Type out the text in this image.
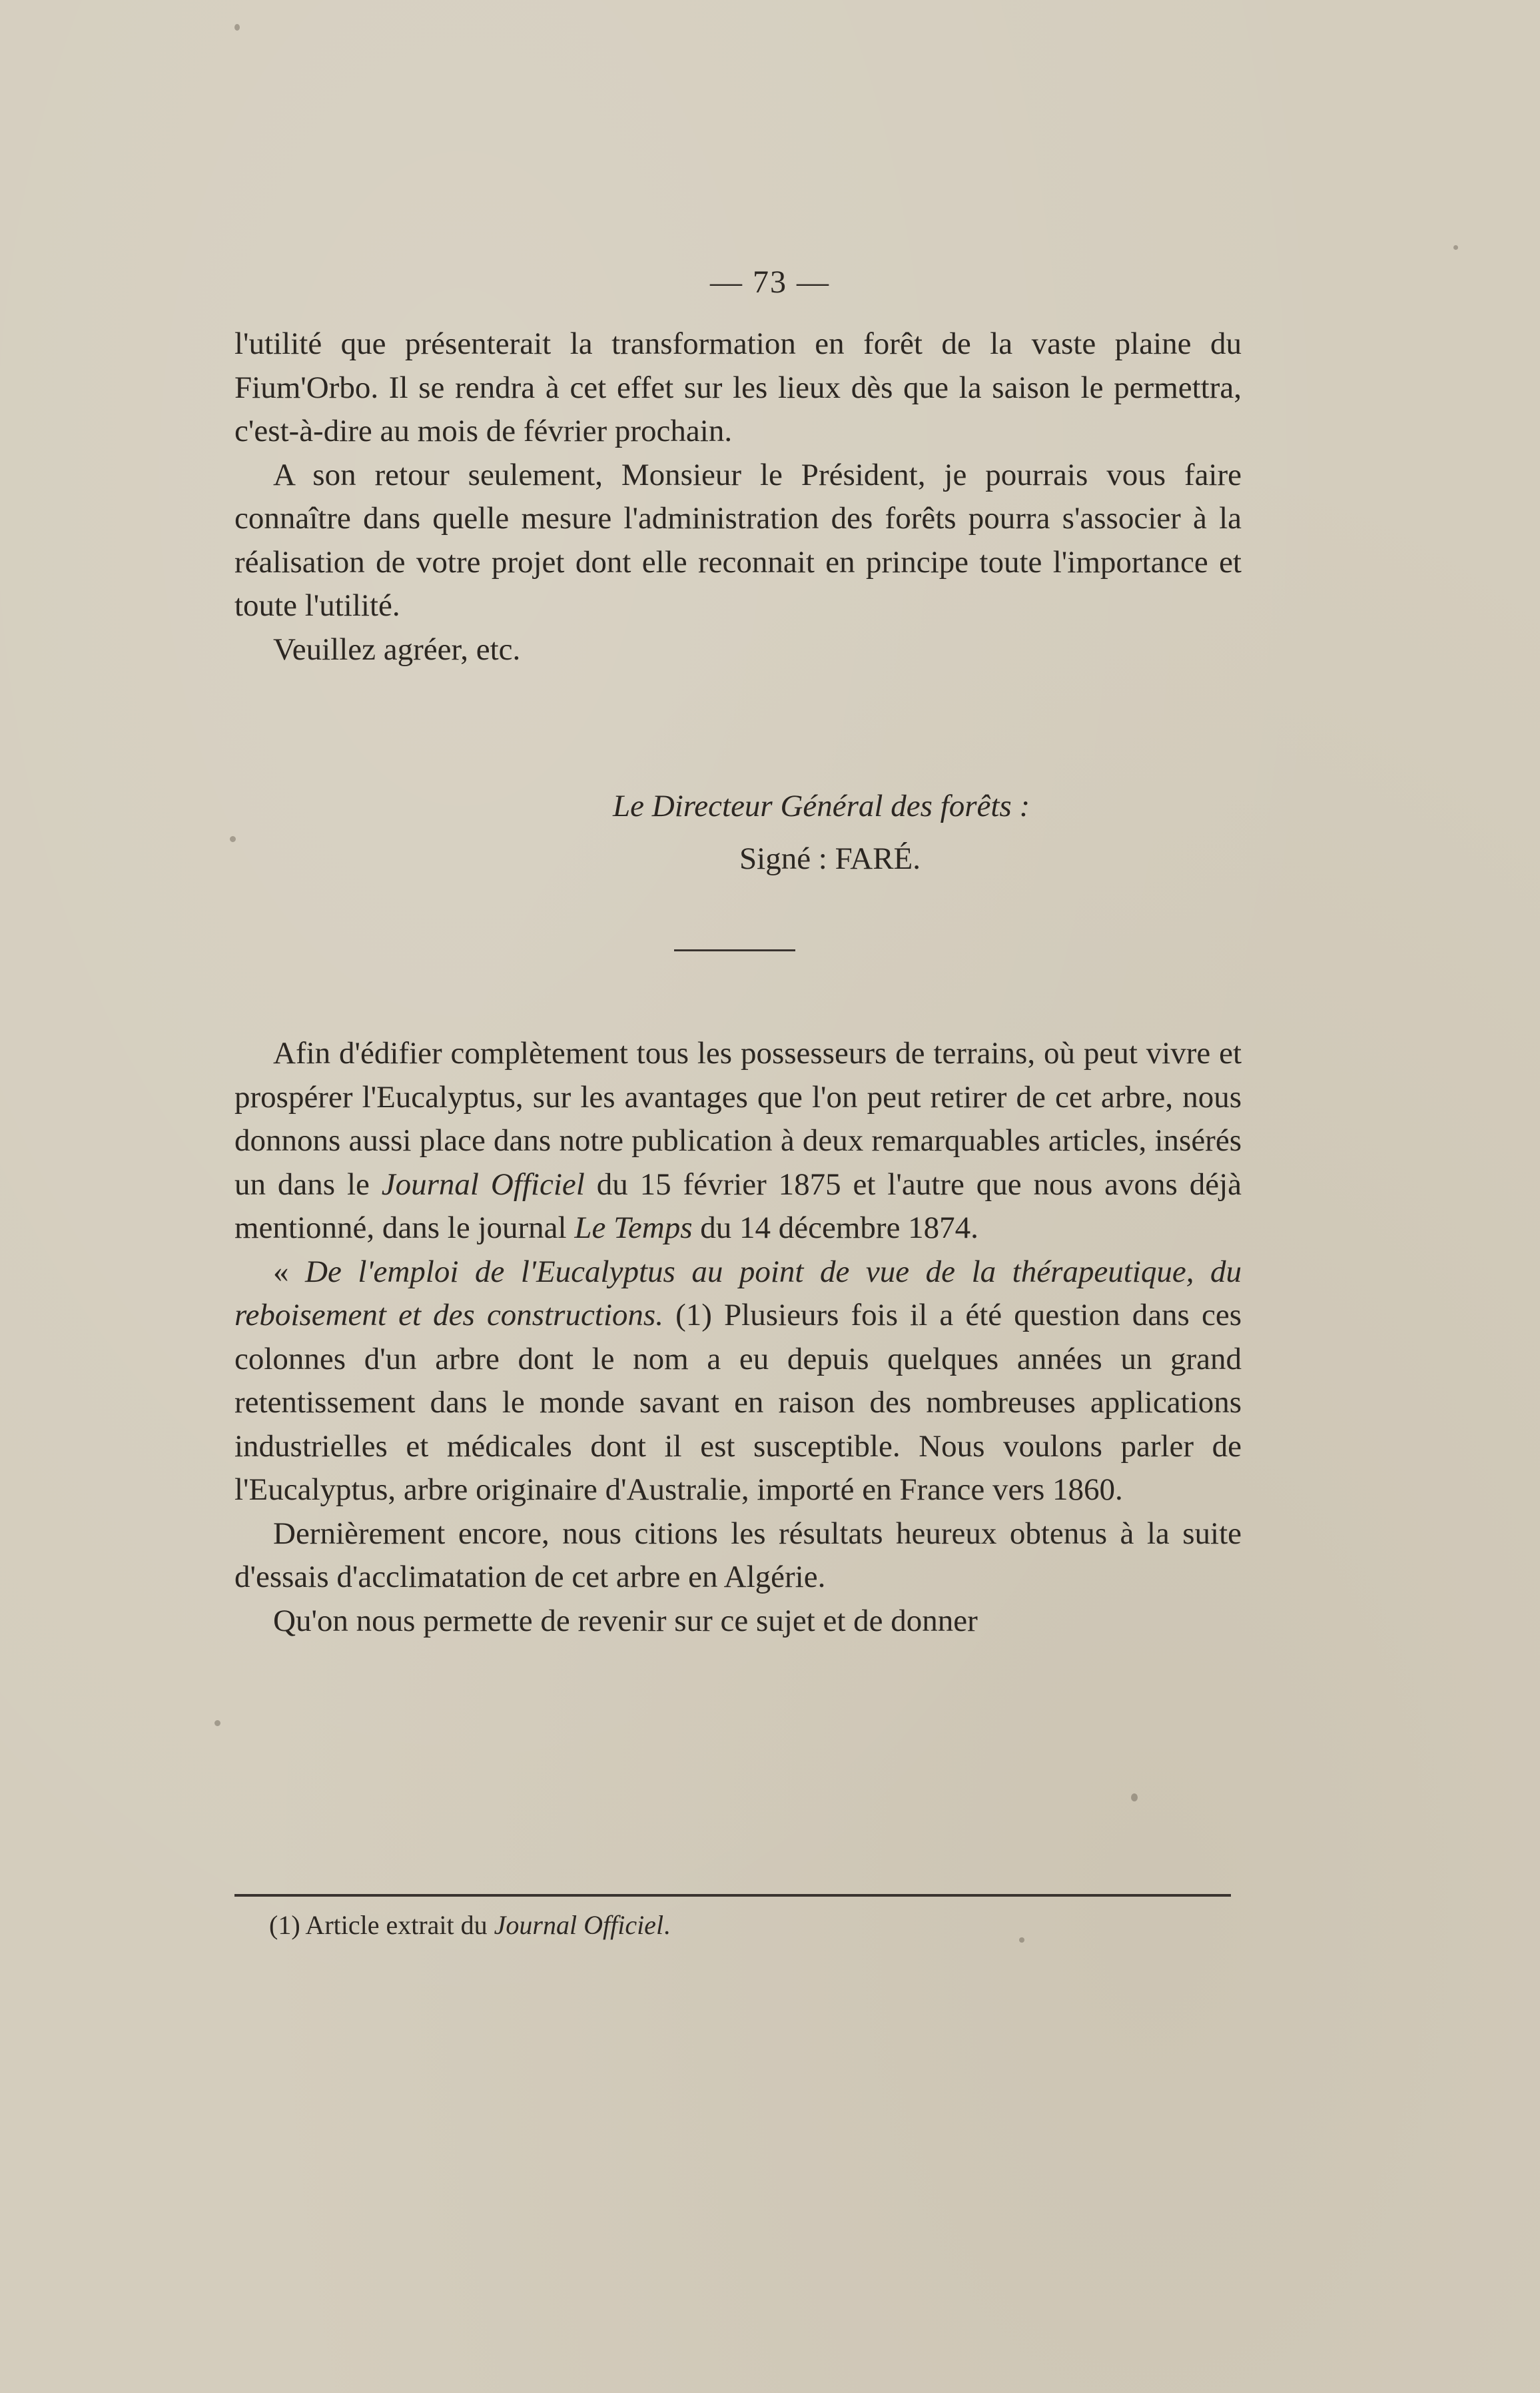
— 73 —

l'utilité que présenterait la transformation en forêt de la vaste plaine du Fium'Orbo. Il se rendra à cet effet sur les lieux dès que la saison le permettra, c'est-à-dire au mois de février prochain.

A son retour seulement, Monsieur le Président, je pourrais vous faire connaître dans quelle mesure l'administration des forêts pourra s'associer à la réalisation de votre projet dont elle reconnait en principe toute l'importance et toute l'utilité.

Veuillez agréer, etc.

Le Directeur Général des forêts :
Signé : FARÉ.

Afin d'édifier complètement tous les possesseurs de terrains, où peut vivre et prospérer l'Eucalyptus, sur les avantages que l'on peut retirer de cet arbre, nous donnons aussi place dans notre publication à deux remarquables articles, insérés un dans le Journal Officiel du 15 février 1875 et l'autre que nous avons déjà mentionné, dans le journal Le Temps du 14 décembre 1874.

« De l'emploi de l'Eucalyptus au point de vue de la thérapeutique, du reboisement et des constructions. (1) Plusieurs fois il a été question dans ces colonnes d'un arbre dont le nom a eu depuis quelques années un grand retentissement dans le monde savant en raison des nombreuses applications industrielles et médicales dont il est susceptible. Nous voulons parler de l'Eucalyptus, arbre originaire d'Australie, importé en France vers 1860.

Dernièrement encore, nous citions les résultats heureux obtenus à la suite d'essais d'acclimatation de cet arbre en Algérie.

Qu'on nous permette de revenir sur ce sujet et de donner

(1) Article extrait du Journal Officiel.
